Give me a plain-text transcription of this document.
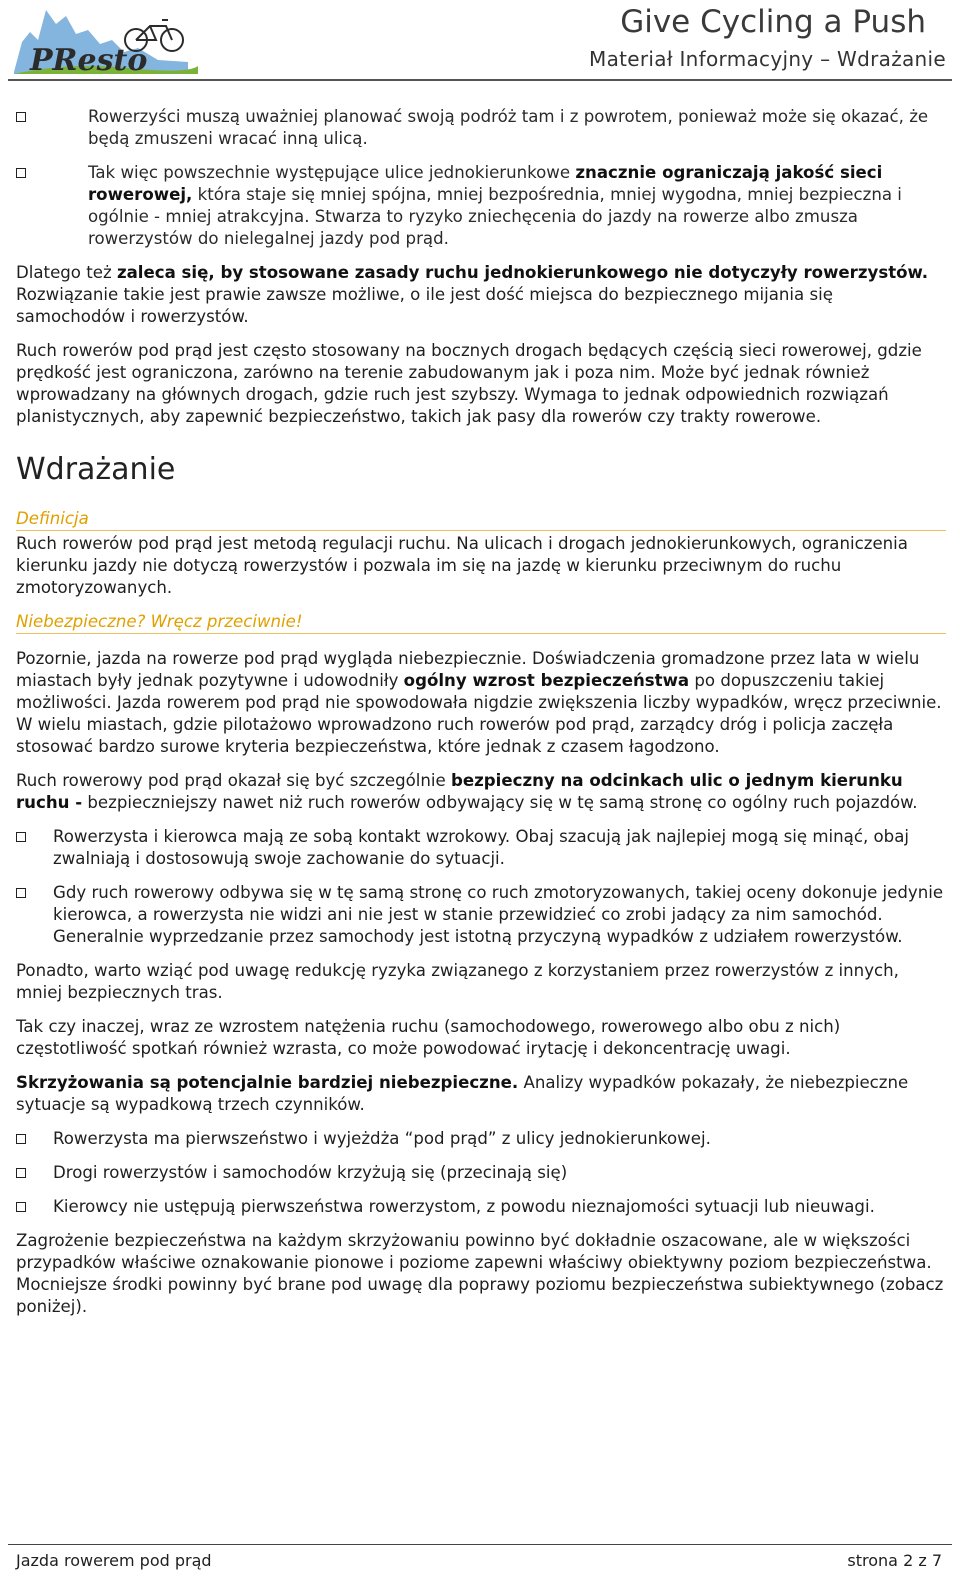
PResto
Give Cycling a Push
Materiał Informacyjny – Wdrażanie
Rowerzyści muszą uważniej planować swoją podróż tam i z powrotem, ponieważ może się okazać, że będą zmuszeni wracać inną ulicą.
Tak więc powszechnie występujące ulice jednokierunkowe znacznie ograniczają jakość sieci rowerowej, która staje się mniej spójna, mniej bezpośrednia, mniej wygodna, mniej bezpieczna i ogólnie - mniej atrakcyjna. Stwarza to ryzyko zniechęcenia do jazdy na rowerze albo zmusza rowerzystów do nielegalnej jazdy pod prąd.

Dlatego też zaleca się, by stosowane zasady ruchu jednokierunkowego nie dotyczyły rowerzystów. Rozwiązanie takie jest prawie zawsze możliwe, o ile jest dość miejsca do bezpiecznego mijania się samochodów i rowerzystów.

Ruch rowerów pod prąd jest często stosowany na bocznych drogach będących częścią sieci rowerowej, gdzie prędkość jest ograniczona, zarówno na terenie zabudowanym jak i poza nim. Może być jednak również wprowadzany na głównych drogach, gdzie ruch jest szybszy. Wymaga to jednak odpowiednich rozwiązań planistycznych, aby zapewnić bezpieczeństwo, takich jak pasy dla rowerów czy trakty rowerowe.

Wdrażanie
Definicja

Ruch rowerów pod prąd jest metodą regulacji ruchu. Na ulicach i drogach jednokierunkowych, ograniczenia kierunku jazdy nie dotyczą rowerzystów i pozwala im się na jazdę w kierunku przeciwnym do ruchu zmotoryzowanych.

Niebezpieczne? Wręcz przeciwnie!

Pozornie, jazda na rowerze pod prąd wygląda niebezpiecznie. Doświadczenia gromadzone przez lata w wielu miastach były jednak pozytywne i udowodniły ogólny wzrost bezpieczeństwa po dopuszczeniu takiej możliwości. Jazda rowerem pod prąd nie spowodowała nigdzie zwiększenia liczby wypadków, wręcz przeciwnie. W wielu miastach, gdzie pilotażowo wprowadzono ruch rowerów pod prąd, zarządcy dróg i policja zaczęła stosować bardzo surowe kryteria bezpieczeństwa, które jednak z czasem łagodzono.

Ruch rowerowy pod prąd okazał się być szczególnie bezpieczny na odcinkach ulic o jednym kierunku ruchu - bezpieczniejszy nawet niż ruch rowerów odbywający się w tę samą stronę co ogólny ruch pojazdów.

Rowerzysta i kierowca mają ze sobą kontakt wzrokowy. Obaj szacują jak najlepiej mogą się minąć, obaj zwalniają i dostosowują swoje zachowanie do sytuacji.
Gdy ruch rowerowy odbywa się w tę samą stronę co ruch zmotoryzowanych, takiej oceny dokonuje jedynie kierowca, a rowerzysta nie widzi ani nie jest w stanie przewidzieć co zrobi jadący za nim samochód. Generalnie wyprzedzanie przez samochody jest istotną przyczyną wypadków z udziałem rowerzystów.

Ponadto, warto wziąć pod uwagę redukcję ryzyka związanego z korzystaniem przez rowerzystów z innych, mniej bezpiecznych tras.

Tak czy inaczej, wraz ze wzrostem natężenia ruchu (samochodowego, rowerowego albo obu z nich) częstotliwość spotkań również wzrasta, co może powodować irytację i dekoncentrację uwagi.

Skrzyżowania są potencjalnie bardziej niebezpieczne. Analizy wypadków pokazały, że niebezpieczne sytuacje są wypadkową trzech czynników.

Rowerzysta ma pierwszeństwo i wyjeżdża “pod prąd” z ulicy jednokierunkowej.
Drogi rowerzystów i samochodów krzyżują się (przecinają się)
Kierowcy nie ustępują pierwszeństwa rowerzystom, z powodu nieznajomości sytuacji lub nieuwagi.

Zagrożenie bezpieczeństwa na każdym skrzyżowaniu powinno być dokładnie oszacowane, ale w większości przypadków właściwe oznakowanie pionowe i poziome zapewni właściwy obiektywny poziom bezpieczeństwa. Mocniejsze środki powinny być brane pod uwagę dla poprawy poziomu bezpieczeństwa subiektywnego (zobacz poniżej).

Jazda rowerem pod prąd	strona 2 z 7
